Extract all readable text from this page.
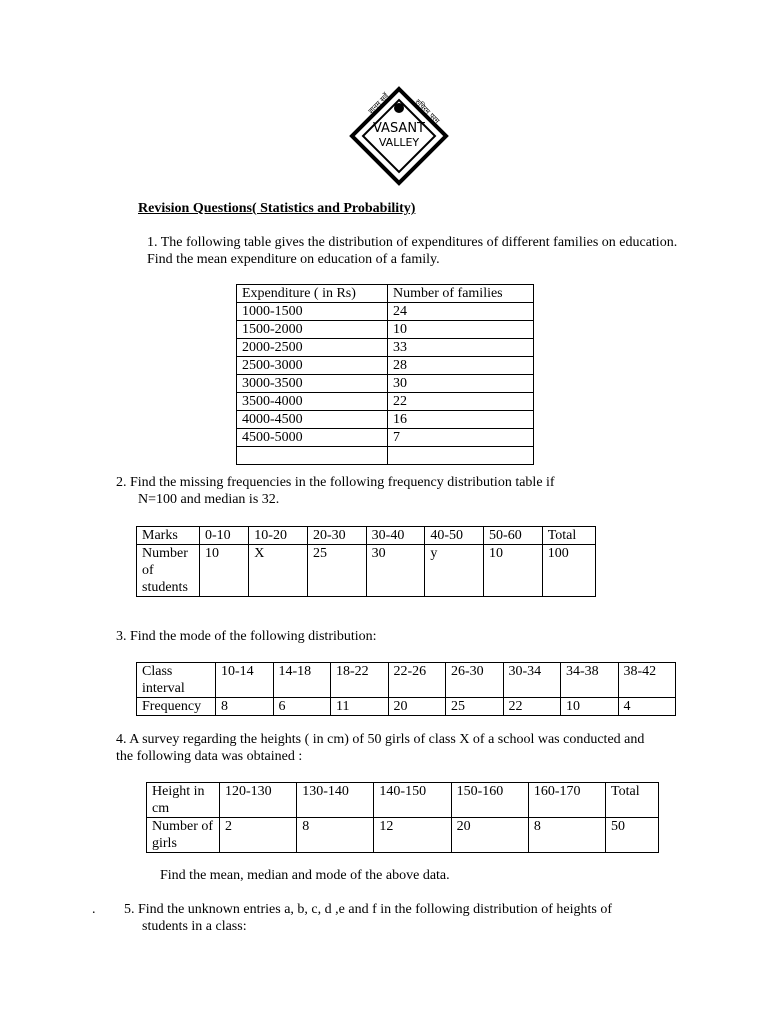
ज्ञानम् सर्वे	रुचिरम् परम्
VASANT
VALLEY
Revision Questions( Statistics and Probability)
1. The following table gives the distribution of expenditures of different families on education. Find the mean expenditure on education of a family.
Expenditure ( in Rs)	Number of families
1000-1500	24
1500-2000	10
2000-2500	33
2500-3000	28
3000-3500	30
3500-4000	22
4000-4500	16
4500-5000	7

2. Find the missing frequencies in the following frequency distribution table if
N=100 and median is 32.
Marks	0-10	10-20	20-30	30-40	40-50	50-60	Total
Number of students	10	X	25	30	y	10	100
3. Find the mode of the following distribution:
Class interval	10-14	14-18	18-22	22-26	26-30	30-34	34-38	38-42
Frequency	8	6	11	20	25	22	10	4
4. A survey regarding the heights ( in cm) of 50 girls of class X of a school was conducted and the following data was obtained :
Height in cm	120-130	130-140	140-150	150-160	160-170	Total
Number of girls	2	8	12	20	8	50
Find the mean, median and mode of the above data.
. 5. Find the unknown entries a, b, c, d ,e and f in the following distribution of heights of
students in a class:
